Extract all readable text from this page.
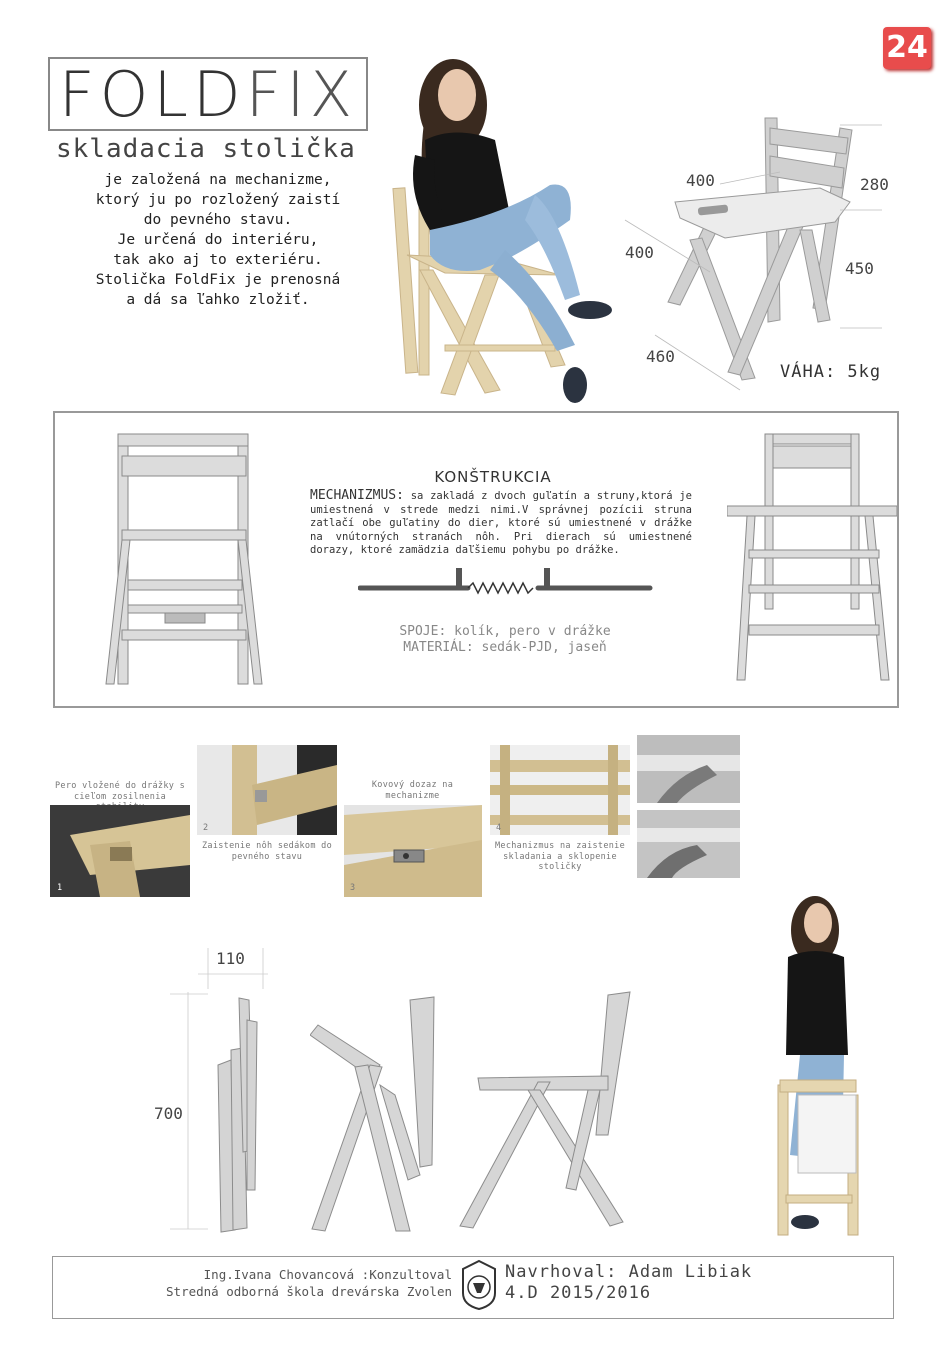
FOLD FIX
skladacia stolička
je založená na mechanizme,
ktorý ju po rozložený zaistí
do pevného stavu.
Je určená do interiéru,
tak ako aj to exteriéru.
Stolička FoldFix je prenosná
a dá sa ľahko zložiť.
24
400	280
400
450
460
VÁHA: 5kg
KONŠTRUKCIA
MECHANIZMUS: sa zakladá z dvoch guľatín a struny,ktorá je umiestnená v strede medzi nimi.V správnej pozícii struna zatlačí obe guľatiny do dier, ktoré sú umiestnené v drážke na vnútorných stranách nôh. Pri dierach sú umiestnené dorazy, ktoré zamädzia daľšiemu pohybu po drážke.
SPOJE: kolík, pero v drážke
MATERIÁL: sedák-PJD, jaseň
Pero vložené do drážky s cieľom zosilnenia
1
2
Zaistenie nôh sedákom do pevného stavu
Kovový dozaz na mechanizme
3
4
Mechanizmus na zaistenie skladania a sklopenie stoličky
110
700
Ing.Ivana Chovancová :Konzultoval
Stredná odborná škola drevárska Zvolen
Navrhoval: Adam Libiak
4.D 2015/2016
